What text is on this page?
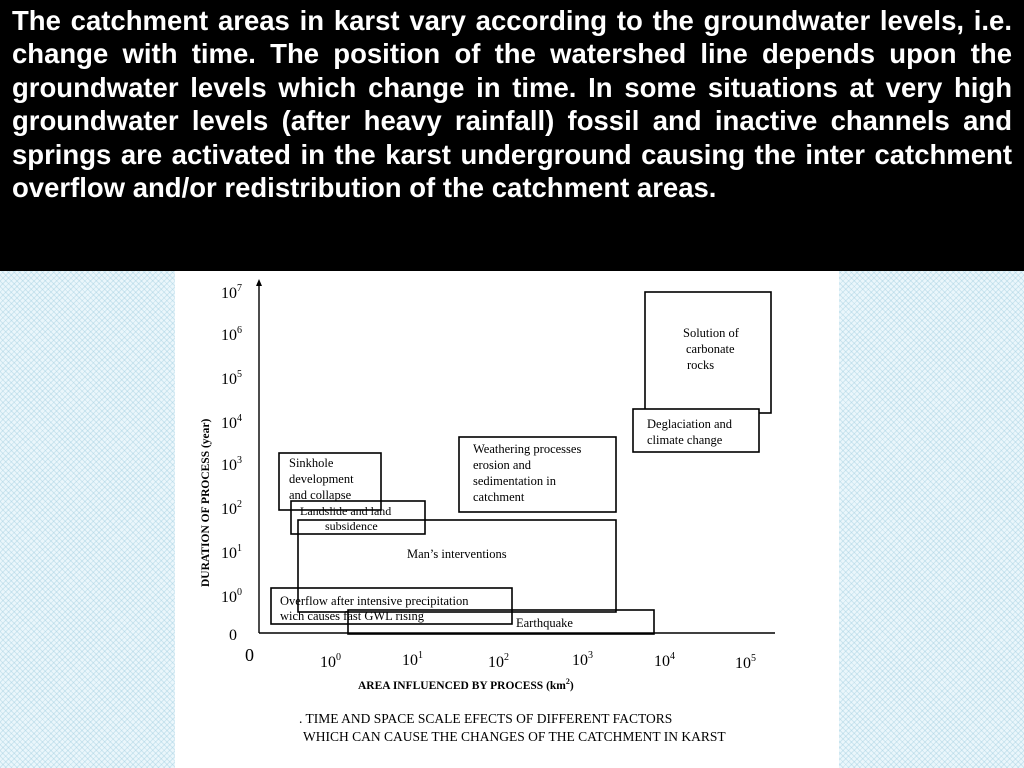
The catchment areas in karst vary according to the groundwater levels, i.e. change with time. The position of the watershed line depends upon the groundwater levels which change in time. In some situations at very high groundwater levels (after heavy rainfall) fossil and inactive channels and springs are activated in the karst underground causing the inter catchment overflow and/or redistribution of the catchment areas.

0
$10^0$
$10^1$
$10^2$
$10^3$
$10^4$
$10^5$
$10^6$
$10^7$
0	$10^0$	$10^1$	$10^2$	$10^3$	$10^4$	$10^5$
DURATION OF PROCESS (year)
AREA INFLUENCED BY PROCESS $(km^2)$
Solution of
carbonate
rocks
Deglaciation and
climate change
Weathering processes
erosion and
sedimentation in
catchment
Man’s interventions
Earthquake
Sinkhole
development
and collapse
Landslide and land
subsidence
Overflow after intensive precipitation
wich causes fast GWL rising
. TIME AND SPACE SCALE EFECTS OF DIFFERENT FACTORS
WHICH CAN CAUSE THE CHANGES OF THE CATCHMENT IN KARST
